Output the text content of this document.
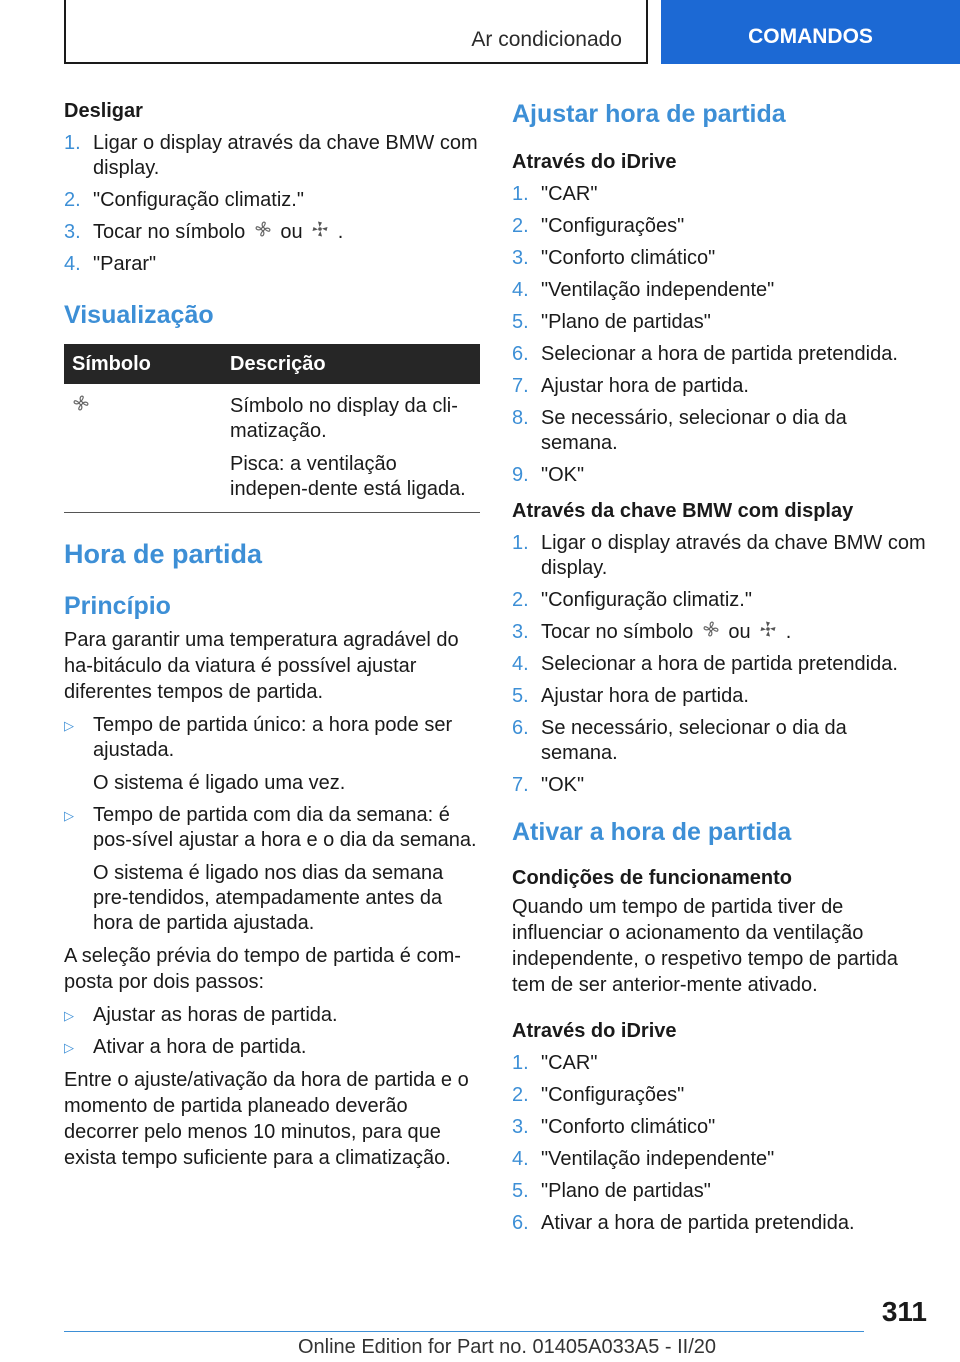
Ar condicionado	COMANDOS
Desligar
1. Ligar o display através da chave BMW com display.
2. "Configuração climatiz."
3. Tocar no símbolo ou .
4. "Parar"
Visualização
Símbolo	Descrição

Símbolo no display da cli-matização.

Pisca: a ventilação indepen-dente está ligada.

Hora de partida
Princípio

Para garantir uma temperatura agradável do ha-bitáculo da viatura é possível ajustar diferentes tempos de partida.

▷ Tempo de partida único: a hora pode ser ajustada.
O sistema é ligado uma vez.
▷ Tempo de partida com dia da semana: é pos-sível ajustar a hora e o dia da semana.
O sistema é ligado nos dias da semana pre-tendidos, atempadamente antes da hora de partida ajustada.

A seleção prévia do tempo de partida é com-posta por dois passos:

▷ Ajustar as horas de partida.
▷ Ativar a hora de partida.

Entre o ajuste/ativação da hora de partida e o momento de partida planeado deverão decorrer pelo menos 10 minutos, para que exista tempo suficiente para a climatização.

Ajustar hora de partida
Através do iDrive
1. "CAR"
2. "Configurações"
3. "Conforto climático"
4. "Ventilação independente"
5. "Plano de partidas"
6. Selecionar a hora de partida pretendida.
7. Ajustar hora de partida.
8. Se necessário, selecionar o dia da semana.
9. "OK"
Através da chave BMW com display
1. Ligar o display através da chave BMW com display.
2. "Configuração climatiz."
3. Tocar no símbolo ou .
4. Selecionar a hora de partida pretendida.
5. Ajustar hora de partida.
6. Se necessário, selecionar o dia da semana.
7. "OK"
Ativar a hora de partida
Condições de funcionamento

Quando um tempo de partida tiver de influenciar o acionamento da ventilação independente, o respetivo tempo de partida tem de ser anterior-mente ativado.

Através do iDrive
1. "CAR"
2. "Configurações"
3. "Conforto climático"
4. "Ventilação independente"
5. "Plano de partidas"
6. Ativar a hora de partida pretendida.
311
Online Edition for Part no. 01405A033A5 - II/20
